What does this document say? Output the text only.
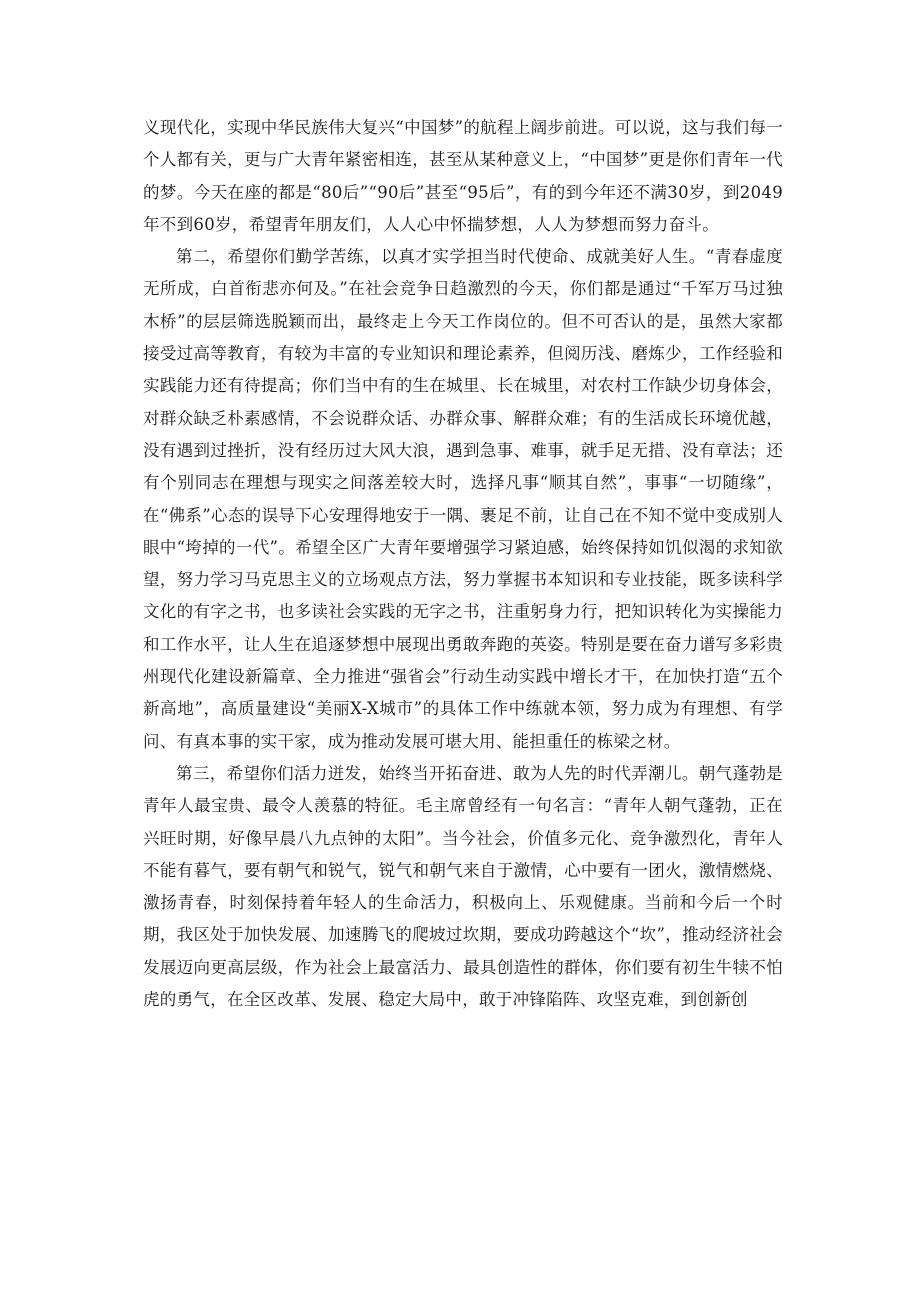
义现代化，实现中华民族伟大复兴“中国梦”的航程上阔步前进。可以说，这与我们每一个人都有关，更与广大青年紧密相连，甚至从某种意义上，“中国梦”更是你们青年一代的梦。今天在座的都是“80后”“90后”甚至“95后”，有的到今年还不满30岁，到2049年不到60岁，希望青年朋友们，人人心中怀揣梦想，人人为梦想而努力奋斗。

第二，希望你们勤学苦练，以真才实学担当时代使命、成就美好人生。“青春虚度无所成，白首衔悲亦何及。”在社会竞争日趋激烈的今天，你们都是通过“千军万马过独木桥”的层层筛选脱颖而出，最终走上今天工作岗位的。但不可否认的是，虽然大家都接受过高等教育，有较为丰富的专业知识和理论素养，但阅历浅、磨炼少，工作经验和实践能力还有待提高；你们当中有的生在城里、长在城里，对农村工作缺少切身体会，对群众缺乏朴素感情，不会说群众话、办群众事、解群众难；有的生活成长环境优越，没有遇到过挫折，没有经历过大风大浪，遇到急事、难事，就手足无措、没有章法；还有个别同志在理想与现实之间落差较大时，选择凡事“顺其自然”，事事“一切随缘”，在“佛系”心态的误导下心安理得地安于一隅、裹足不前，让自己在不知不觉中变成别人眼中“垮掉的一代”。希望全区广大青年要增强学习紧迫感，始终保持如饥似渴的求知欲望，努力学习马克思主义的立场观点方法，努力掌握书本知识和专业技能，既多读科学文化的有字之书，也多读社会实践的无字之书，注重躬身力行，把知识转化为实操能力和工作水平，让人生在追逐梦想中展现出勇敢奔跑的英姿。特别是要在奋力谱写多彩贵州现代化建设新篇章、全力推进“强省会”行动生动实践中增长才干，在加快打造“五个新高地”，高质量建设“美丽X-X城市”的具体工作中练就本领，努力成为有理想、有学问、有真本事的实干家，成为推动发展可堪大用、能担重任的栋梁之材。

第三，希望你们活力迸发，始终当开拓奋进、敢为人先的时代弄潮儿。朝气蓬勃是青年人最宝贵、最令人羡慕的特征。毛主席曾经有一句名言：“青年人朝气蓬勃，正在兴旺时期，好像早晨八九点钟的太阳”。当今社会，价值多元化、竞争激烈化，青年人不能有暮气，要有朝气和锐气，锐气和朝气来自于激情，心中要有一团火，激情燃烧、激扬青春，时刻保持着年轻人的生命活力，积极向上、乐观健康。当前和今后一个时期，我区处于加快发展、加速腾飞的爬坡过坎期，要成功跨越这个“坎”，推动经济社会发展迈向更高层级，作为社会上最富活力、最具创造性的群体，你们要有初生牛犊不怕虎的勇气，在全区改革、发展、稳定大局中，敢于冲锋陷阵、攻坚克难，到创新创
